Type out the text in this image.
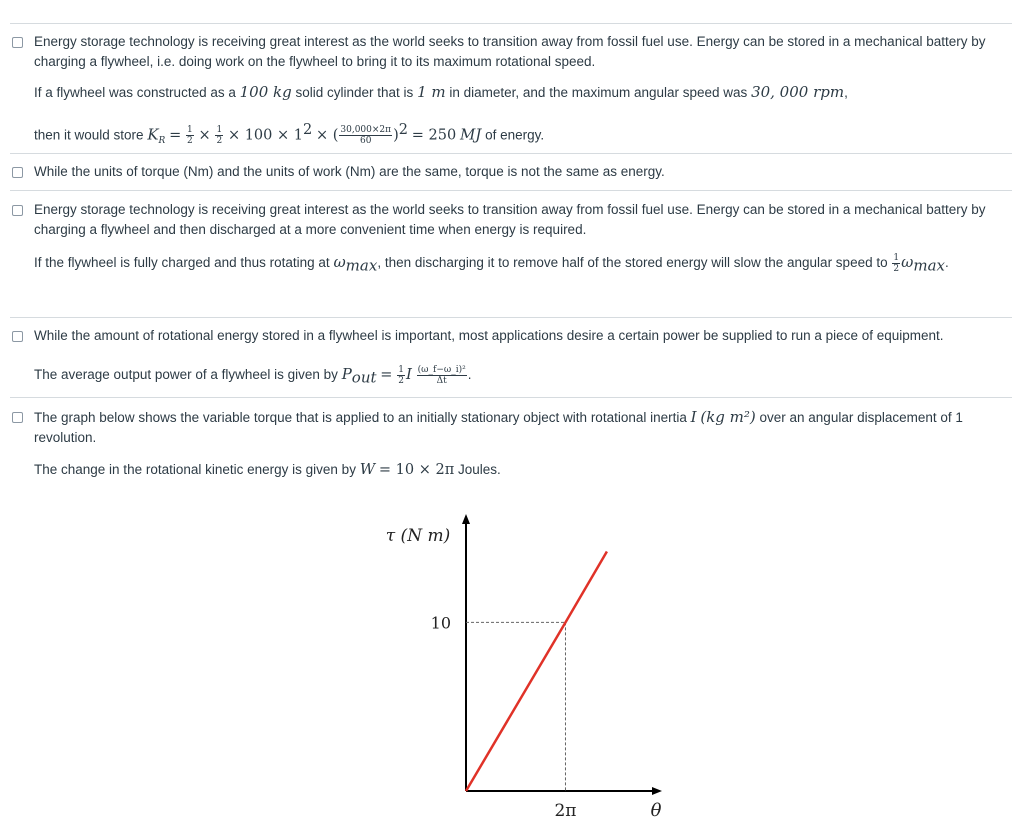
Energy storage technology is receiving great interest as the world seeks to transition away from fossil fuel use. Energy can be stored in a mechanical battery by charging a flywheel, i.e. doing work on the flywheel to bring it to its maximum rotational speed.
If a flywheel was constructed as a 100 kg solid cylinder that is 1 m in diameter, and the maximum angular speed was 30, 000 rpm,
then it would store $K_R = \frac{1}{2} \times \frac{1}{2} \times 100 \times 1^2$ × ( $\frac{30,000\times 2\pi}{60} )^2 = 250$ MJ of energy.
While the units of torque (Nm) and the units of work (Nm) are the same, torque is not the same as energy.
Energy storage technology is receiving great interest as the world seeks to transition away from fossil fuel use. Energy can be stored in a mechanical battery by charging a flywheel and then discharged at a more convenient time when energy is required.
If the flywheel is fully charged and thus rotating at $\omega_{max}$, then discharging it to remove half of the stored energy will slow the angular speed to $\frac{1}{2} \omega_{max}$.
While the amount of rotational energy stored in a flywheel is important, most applications desire a certain power be supplied to run a piece of equipment.
The average output power of a flywheel is given by $P_{out} = \frac{1}{2}$ I $\frac{\text{(ω\_f−ω\_i)²}}{\Delta t}$ .
The graph below shows the variable torque that is applied to an initially stationary object with rotational inertia I (kg m²) over an angular displacement of 1 revolution.
The change in the rotational kinetic energy is given by W = 10 × 2π Joules.
τ (N m)
10
2π	θ
